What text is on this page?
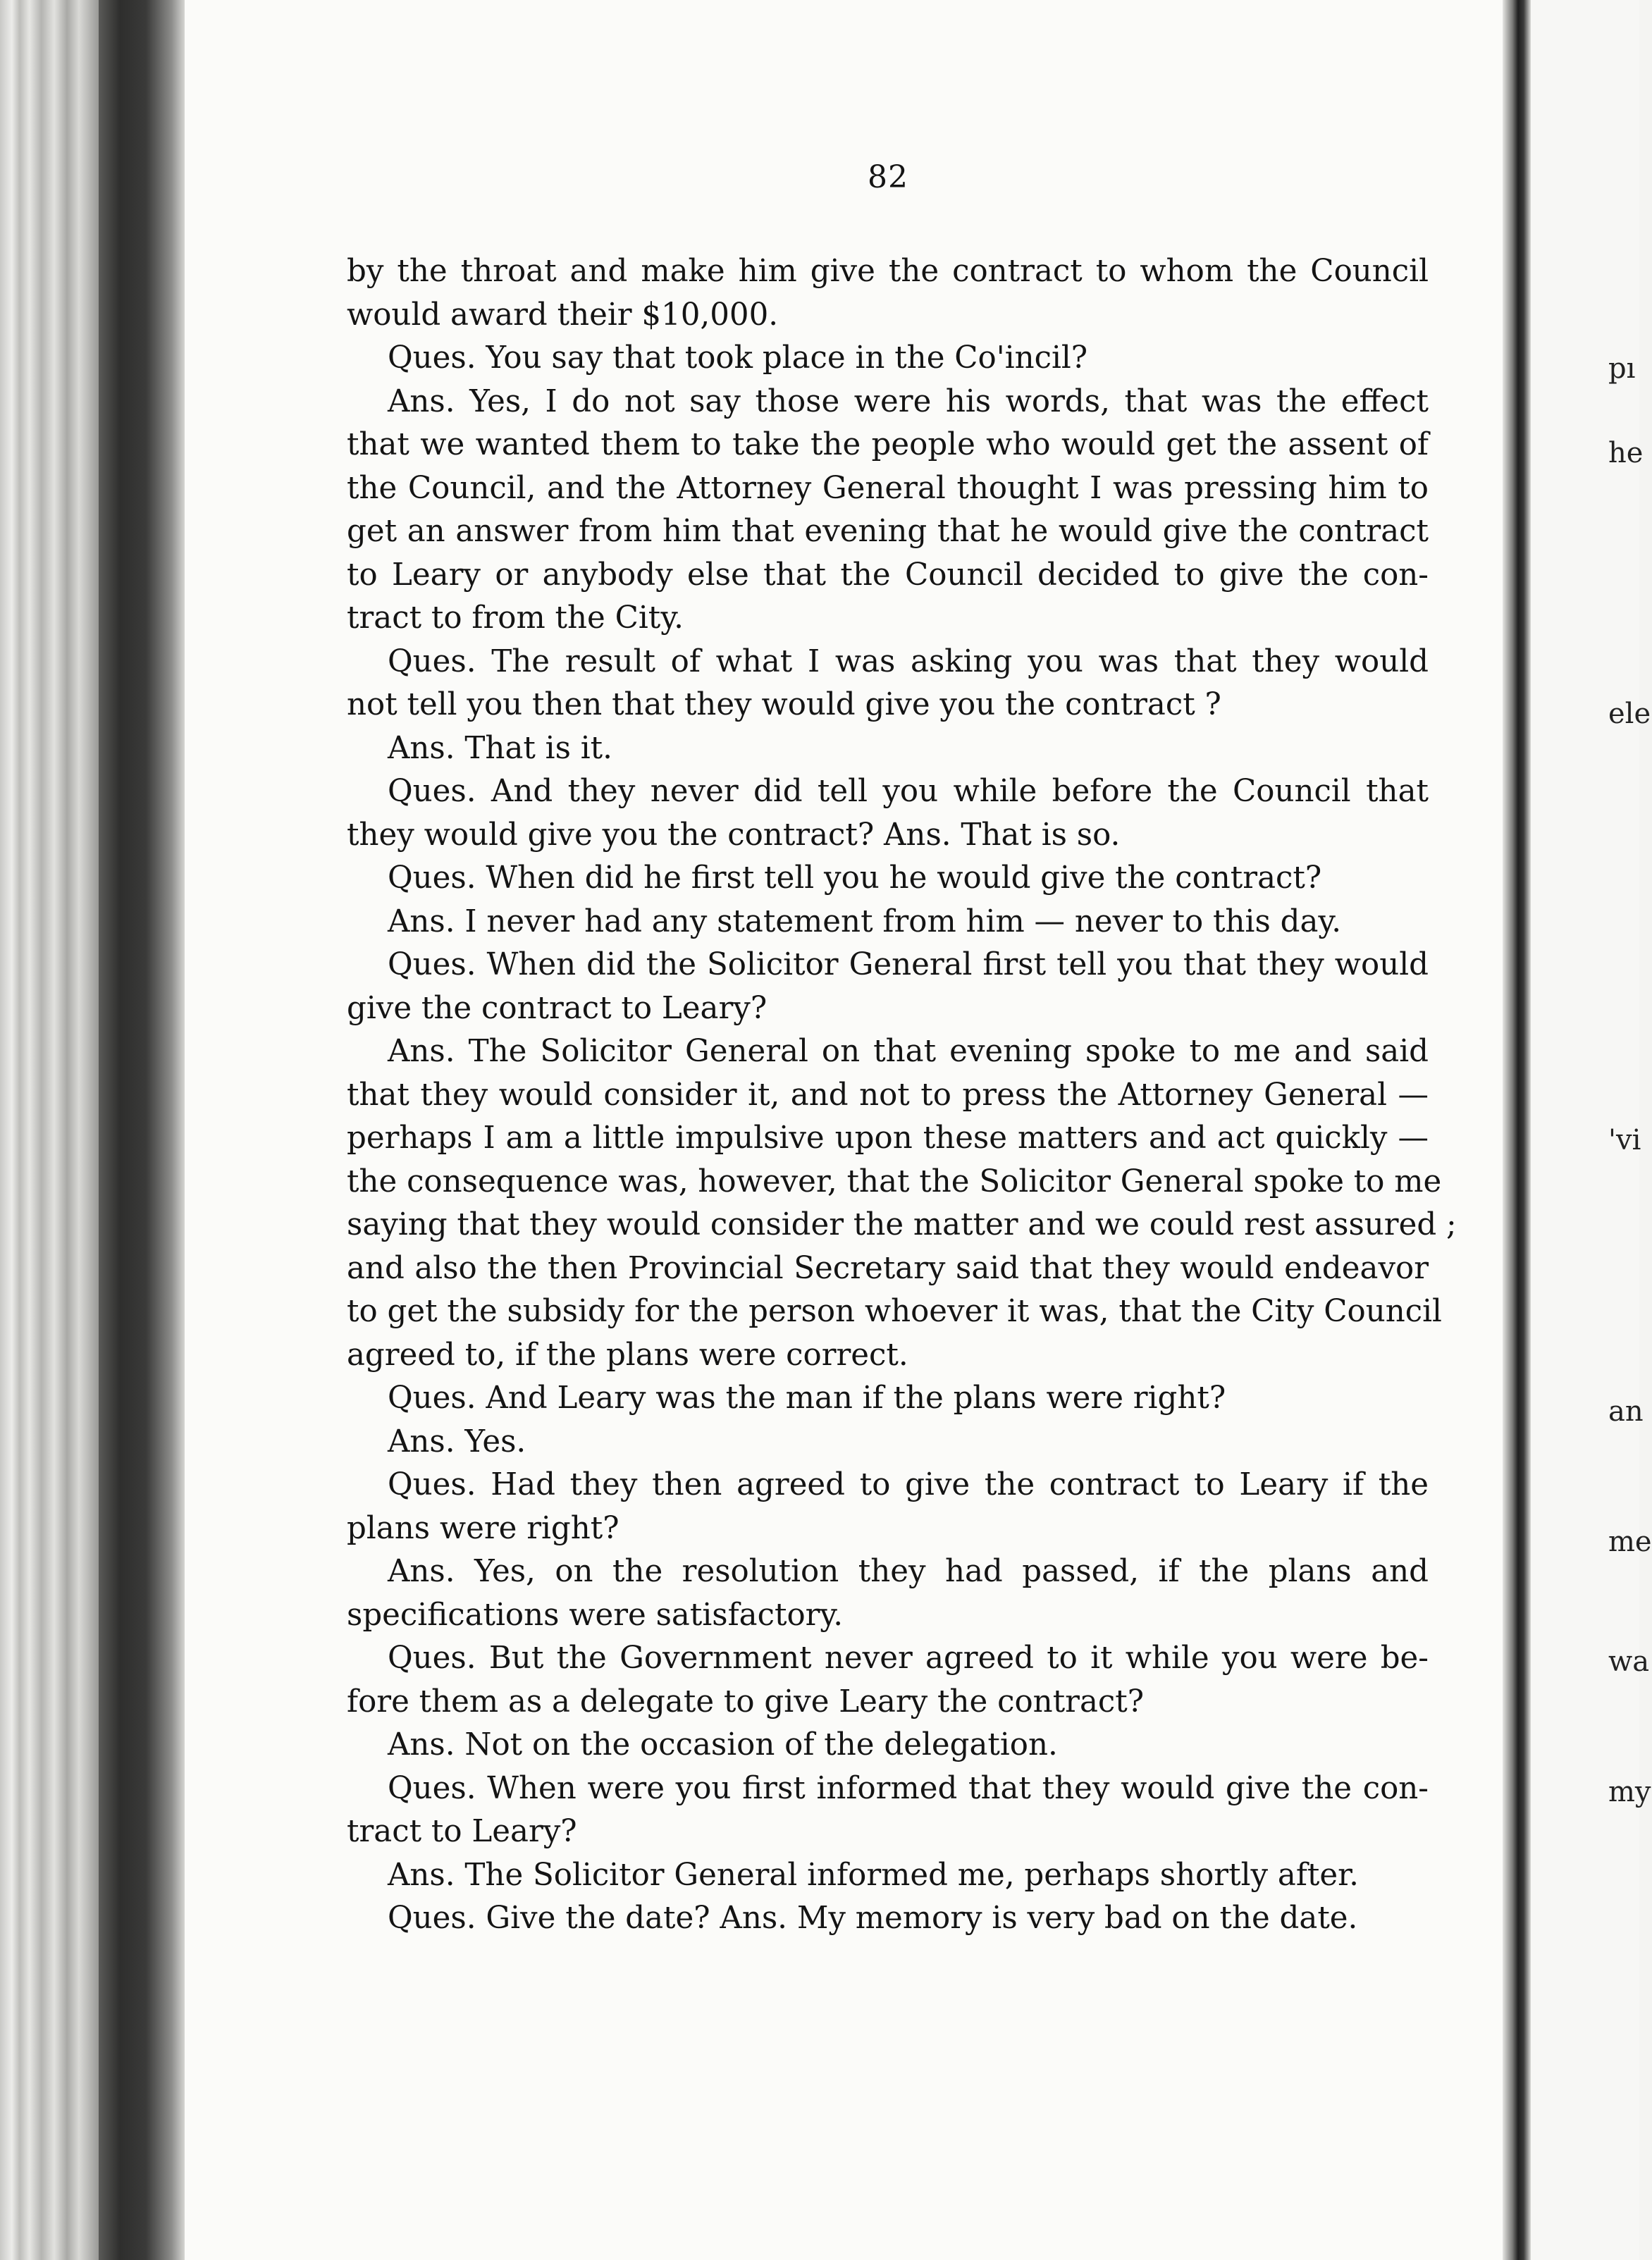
82
by the throat and make him give the contract to whom the Council
would award their $10,000.
Ques. You say that took place in the Co'incil?
Ans. Yes, I do not say those were his words, that was the effect
that we wanted them to take the people who would get the assent of
the Council, and the Attorney General thought I was pressing him to
get an answer from him that evening that he would give the contract
to Leary or anybody else that the Council decided to give the con-
tract to from the City.
Ques. The result of what I was asking you was that they would
not tell you then that they would give you the contract ?
Ans. That is it.
Ques. And they never did tell you while before the Council that
they would give you the contract? Ans. That is so.
Ques. When did he first tell you he would give the contract?
Ans. I never had any statement from him — never to this day.
Ques. When did the Solicitor General first tell you that they would
give the contract to Leary?
Ans. The Solicitor General on that evening spoke to me and said
that they would consider it, and not to press the Attorney General —
perhaps I am a little impulsive upon these matters and act quickly —
the consequence was, however, that the Solicitor General spoke to me
saying that they would consider the matter and we could rest assured ;
and also the then Provincial Secretary said that they would endeavor
to get the subsidy for the person whoever it was, that the City Council
agreed to, if the plans were correct.
Ques. And Leary was the man if the plans were right?
Ans. Yes.
Ques. Had they then agreed to give the contract to Leary if the
plans were right?
Ans. Yes, on the resolution they had passed, if the plans and
specifications were satisfactory.
Ques. But the Government never agreed to it while you were be-
fore them as a delegate to give Leary the contract?
Ans. Not on the occasion of the delegation.
Ques. When were you first informed that they would give the con-
tract to Leary?
Ans. The Solicitor General informed me, perhaps shortly after.
Ques. Give the date? Ans. My memory is very bad on the date.
pı
he
ele
'vi
an
me
wa
my
